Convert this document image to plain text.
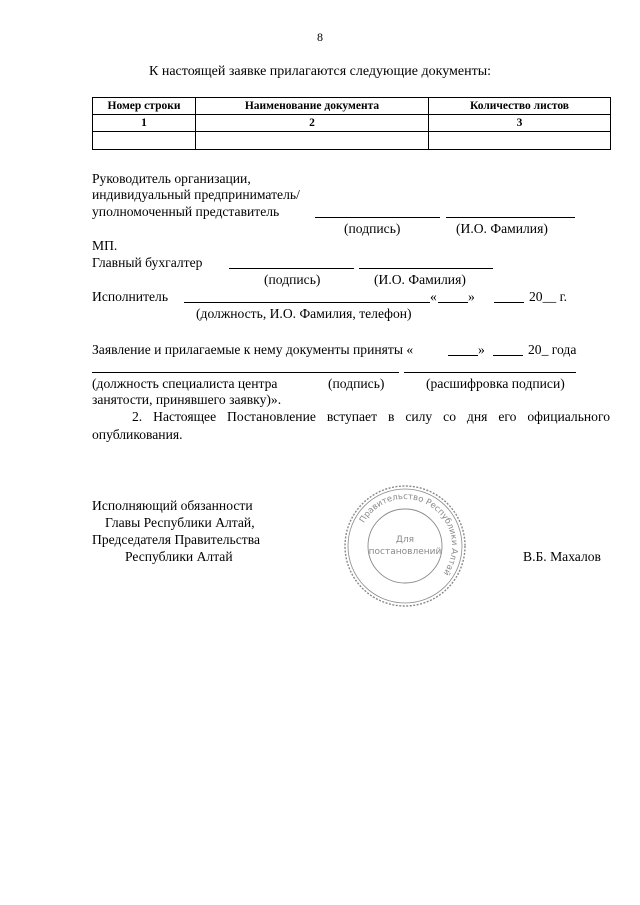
8
К настоящей заявке прилагаются следующие документы:
Номер строки	Наименование документа	Количество листов
1	2	3

Руководитель организации,
индивидуальный предприниматель/
уполномоченный представитель
(подпись)	(И.О. Фамилия)
МП.
Главный бухгалтер
(подпись)	(И.О. Фамилия)
Исполнитель	« »	20__ г.
(должность, И.О. Фамилия, телефон)
Заявление и прилагаемые к нему документы приняты «	»	20_ года
(должность специалиста центра	(подпись)	(расшифровка подписи)
занятости, принявшего заявку)».
2. Настоящее Постановление вступает в силу со дня его официального
опубликования.
Исполняющий обязанности
Главы Республики Алтай,
Председателя Правительства
Республики Алтай	В.Б. Махалов
Правительство Республики Алтай
Для
постановлений
